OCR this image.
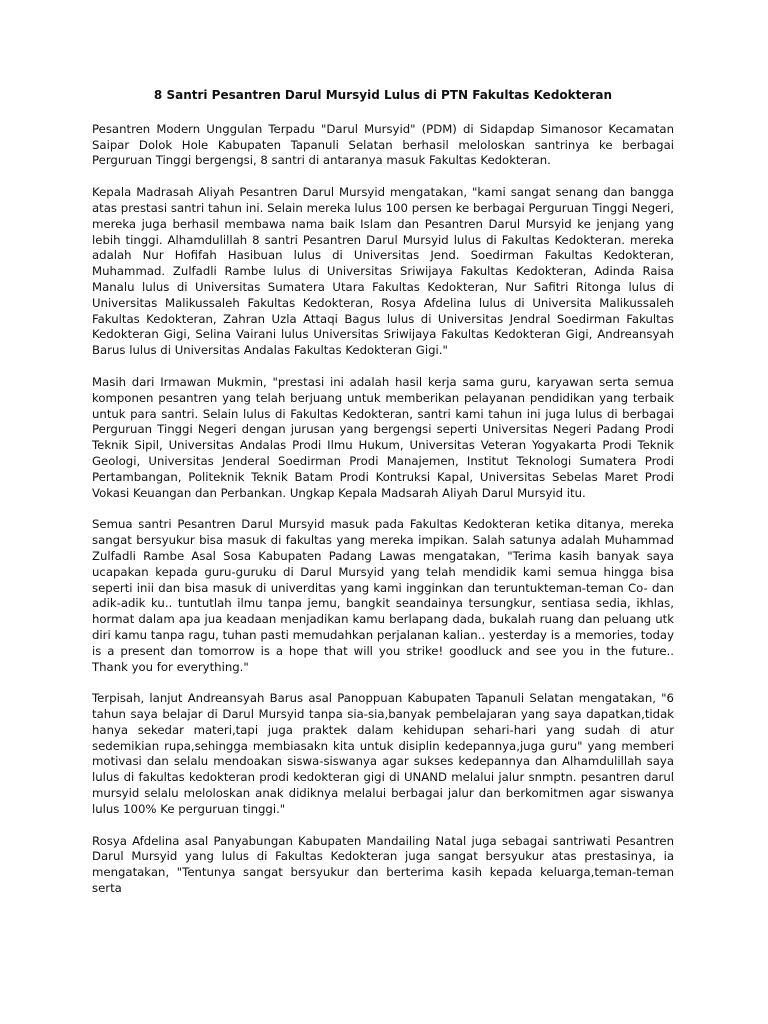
8 Santri Pesantren Darul Mursyid Lulus di PTN Fakultas Kedokteran

Pesantren Modern Unggulan Terpadu "Darul Mursyid" (PDM) di Sidapdap Simanosor Kecamatan Saipar Dolok Hole Kabupaten Tapanuli Selatan berhasil meloloskan santrinya ke berbagai Perguruan Tinggi bergengsi, 8 santri di antaranya masuk Fakultas Kedokteran.

Kepala Madrasah Aliyah Pesantren Darul Mursyid mengatakan, "kami sangat senang dan bangga atas prestasi santri tahun ini. Selain mereka lulus 100 persen ke berbagai Perguruan Tinggi Negeri, mereka juga berhasil membawa nama baik Islam dan Pesantren Darul Mursyid ke jenjang yang lebih tinggi. Alhamdulillah 8 santri Pesantren Darul Mursyid lulus di Fakultas Kedokteran. mereka adalah Nur Hofifah Hasibuan lulus di Universitas Jend. Soedirman Fakultas Kedokteran, Muhammad. Zulfadli Rambe lulus di Universitas Sriwijaya Fakultas Kedokteran, Adinda Raisa Manalu lulus di Universitas Sumatera Utara Fakultas Kedokteran, Nur Safitri Ritonga lulus di Universitas Malikussaleh Fakultas Kedokteran, Rosya Afdelina lulus di Universita Malikussaleh Fakultas Kedokteran, Zahran Uzla Attaqi Bagus lulus di Universitas Jendral Soedirman Fakultas Kedokteran Gigi, Selina Vairani lulus Universitas Sriwijaya Fakultas Kedokteran Gigi, Andreansyah Barus lulus di Universitas Andalas Fakultas Kedokteran Gigi."

Masih dari Irmawan Mukmin, "prestasi ini adalah hasil kerja sama guru, karyawan serta semua komponen pesantren yang telah berjuang untuk memberikan pelayanan pendidikan yang terbaik untuk para santri. Selain lulus di Fakultas Kedokteran, santri kami tahun ini juga lulus di berbagai Perguruan Tinggi Negeri dengan jurusan yang bergengsi seperti Universitas Negeri Padang Prodi Teknik Sipil, Universitas Andalas Prodi Ilmu Hukum, Universitas Veteran Yogyakarta Prodi Teknik Geologi, Universitas Jenderal Soedirman Prodi Manajemen, Institut Teknologi Sumatera Prodi Pertambangan, Politeknik Teknik Batam Prodi Kontruksi Kapal, Universitas Sebelas Maret Prodi Vokasi Keuangan dan Perbankan. Ungkap Kepala Madsarah Aliyah Darul Mursyid itu.

Semua santri Pesantren Darul Mursyid masuk pada Fakultas Kedokteran ketika ditanya, mereka sangat bersyukur bisa masuk di fakultas yang mereka impikan. Salah satunya adalah Muhammad Zulfadli Rambe Asal Sosa Kabupaten Padang Lawas mengatakan, "Terima kasih banyak saya ucapakan kepada guru-guruku di Darul Mursyid yang telah mendidik kami semua hingga bisa seperti inii dan bisa masuk di univerditas yang kami ingginkan dan teruntukteman-teman Co- dan adik-adik ku.. tuntutlah ilmu tanpa jemu, bangkit seandainya tersungkur, sentiasa sedia, ikhlas, hormat dalam apa jua keadaan menjadikan kamu berlapang dada, bukalah ruang dan peluang utk diri kamu tanpa ragu, tuhan pasti memudahkan perjalanan kalian.. yesterday is a memories, today is a present dan tomorrow is a hope that will you strike! goodluck and see you in the future.. Thank you for everything."

Terpisah, lanjut Andreansyah Barus asal Panoppuan Kabupaten Tapanuli Selatan mengatakan, "6 tahun saya belajar di Darul Mursyid tanpa sia-sia,banyak pembelajaran yang saya dapatkan,tidak hanya sekedar materi,tapi juga praktek dalam kehidupan sehari-hari yang sudah di atur sedemikian rupa,sehingga membiasakn kita untuk disiplin kedepannya,juga guru" yang memberi motivasi dan selalu mendoakan siswa-siswanya agar sukses kedepannya dan Alhamdulillah saya lulus di fakultas kedokteran prodi kedokteran gigi di UNAND melalui jalur snmptn. pesantren darul mursyid selalu meloloskan anak didiknya melalui berbagai jalur dan berkomitmen agar siswanya lulus 100% Ke perguruan tinggi."

Rosya Afdelina asal Panyabungan Kabupaten Mandailing Natal juga sebagai santriwati Pesantren Darul Mursyid yang lulus di Fakultas Kedokteran juga sangat bersyukur atas prestasinya, ia mengatakan, "Tentunya sangat bersyukur dan berterima kasih kepada keluarga,teman-teman serta
